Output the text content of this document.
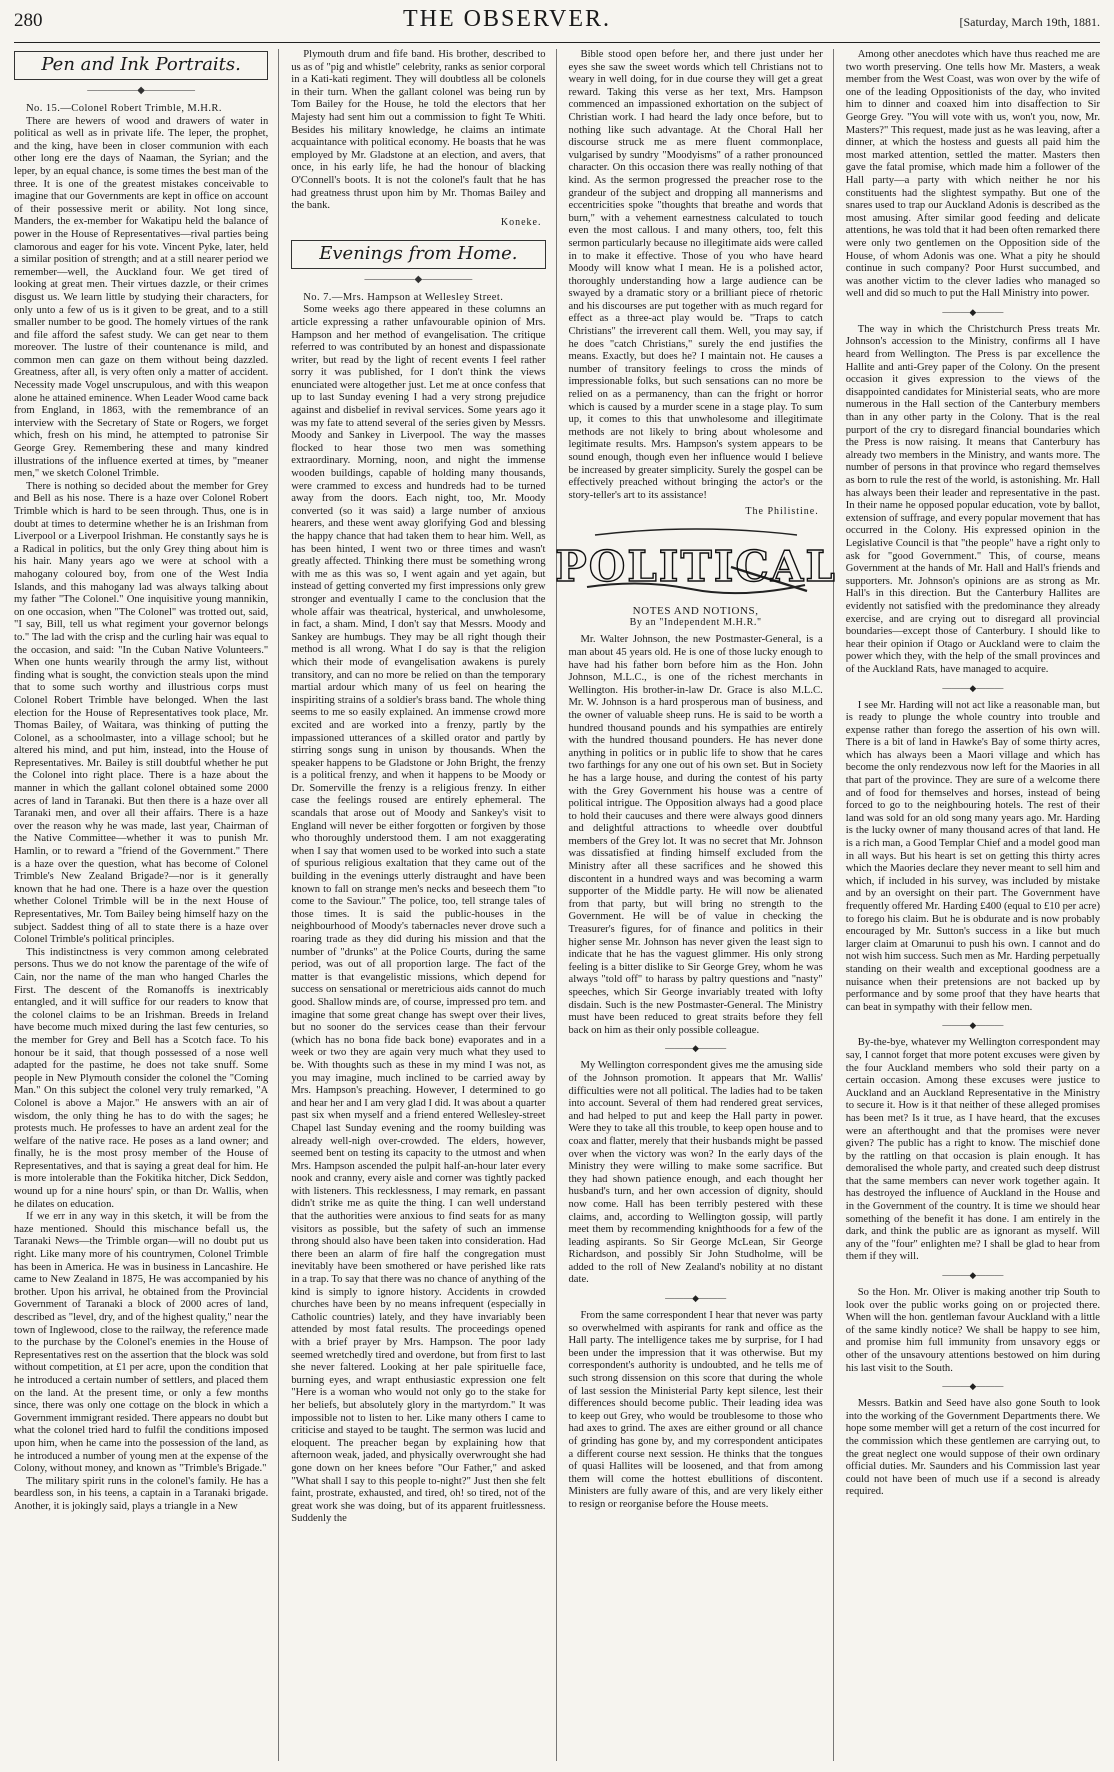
280	THE OBSERVER.	[Saturday, March 19th, 1881.
Pen and Ink Portraits.
—————◆—————

No. 15.—Colonel Robert Trimble, M.H.R.

There are hewers of wood and drawers of water in political as well as in private life. The leper, the prophet, and the king, have been in closer communion with each other long ere the days of Naaman, the Syrian; and the leper, by an equal chance, is some times the best man of the three. It is one of the greatest mistakes conceivable to imagine that our Governments are kept in office on account of their possessive merit or ability. Not long since, Manders, the ex-member for Wakatipu held the balance of power in the House of Representatives—rival parties being clamorous and eager for his vote. Vincent Pyke, later, held a similar position of strength; and at a still nearer period we remember—well, the Auckland four. We get tired of looking at great men. Their virtues dazzle, or their crimes disgust us. We learn little by studying their characters, for only unto a few of us is it given to be great, and to a still smaller number to be good. The homely virtues of the rank and file afford the safest study. We can get near to them moreover. The lustre of their countenance is mild, and common men can gaze on them without being dazzled. Greatness, after all, is very often only a matter of accident. Necessity made Vogel unscrupulous, and with this weapon alone he attained eminence. When Leader Wood came back from England, in 1863, with the remembrance of an interview with the Secretary of State or Rogers, we forget which, fresh on his mind, he attempted to patronise Sir George Grey. Remembering these and many kindred illustrations of the influence exerted at times, by "meaner men," we sketch Colonel Trimble.

There is nothing so decided about the member for Grey and Bell as his nose. There is a haze over Colonel Robert Trimble which is hard to be seen through. Thus, one is in doubt at times to determine whether he is an Irishman from Liverpool or a Liverpool Irishman. He constantly says he is a Radical in politics, but the only Grey thing about him is his hair. Many years ago we were at school with a mahogany coloured boy, from one of the West India Islands, and this mahogany lad was always talking about my father "The Colonel." One inquisitive young mannikin, on one occasion, when "The Colonel" was trotted out, said, "I say, Bill, tell us what regiment your governor belongs to." The lad with the crisp and the curling hair was equal to the occasion, and said: "In the Cuban Native Volunteers." When one hunts wearily through the army list, without finding what is sought, the conviction steals upon the mind that to some such worthy and illustrious corps must Colonel Robert Trimble have belonged. When the last election for the House of Representatives took place, Mr. Thomas Bailey, of Waitara, was thinking of putting the Colonel, as a schoolmaster, into a village school; but he altered his mind, and put him, instead, into the House of Representatives. Mr. Bailey is still doubtful whether he put the Colonel into right place. There is a haze about the manner in which the gallant colonel obtained some 2000 acres of land in Taranaki. But then there is a haze over all Taranaki men, and over all their affairs. There is a haze over the reason why he was made, last year, Chairman of the Native Committee—whether it was to punish Mr. Hamlin, or to reward a "friend of the Government." There is a haze over the question, what has become of Colonel Trimble's New Zealand Brigade?—nor is it generally known that he had one. There is a haze over the question whether Colonel Trimble will be in the next House of Representatives, Mr. Tom Bailey being himself hazy on the subject. Saddest thing of all to state there is a haze over Colonel Trimble's political principles.

This indistinctness is very common among celebrated persons. Thus we do not know the parentage of the wife of Cain, nor the name of the man who hanged Charles the First. The descent of the Romanoffs is inextricably entangled, and it will suffice for our readers to know that the colonel claims to be an Irishman. Breeds in Ireland have become much mixed during the last few centuries, so the member for Grey and Bell has a Scotch face. To his honour be it said, that though possessed of a nose well adapted for the pastime, he does not take snuff. Some people in New Plymouth consider the colonel the "Coming Man." On this subject the colonel very truly remarked, "A Colonel is above a Major." He answers with an air of wisdom, the only thing he has to do with the sages; he protests much. He professes to have an ardent zeal for the welfare of the native race. He poses as a land owner; and finally, he is the most prosy member of the House of Representatives, and that is saying a great deal for him. He is more intolerable than the Fokitika hitcher, Dick Seddon, wound up for a nine hours' spin, or than Dr. Wallis, when he dilates on education.

If we err in any way in this sketch, it will be from the haze mentioned. Should this mischance befall us, the Taranaki News—the Trimble organ—will no doubt put us right. Like many more of his countrymen, Colonel Trimble has been in America. He was in business in Lancashire. He came to New Zealand in 1875, He was accompanied by his brother. Upon his arrival, he obtained from the Provincial Government of Taranaki a block of 2000 acres of land, described as "level, dry, and of the highest quality," near the town of Inglewood, close to the railway, the reference made to the purchase by the Colonel's enemies in the House of Representatives rest on the assertion that the block was sold without competition, at £1 per acre, upon the condition that he introduced a certain number of settlers, and placed them on the land. At the present time, or only a few months since, there was only one cottage on the block in which a Government immigrant resided. There appears no doubt but what the colonel tried hard to fulfil the conditions imposed upon him, when he came into the possession of the land, as he introduced a number of young men at the expense of the Colony, without money, and known as "Trimble's Brigade."

The military spirit runs in the colonel's family. He has a beardless son, in his teens, a captain in a Taranaki brigade. Another, it is jokingly said, plays a triangle in a New

Plymouth drum and fife band. His brother, described to us as of "pig and whistle" celebrity, ranks as senior corporal in a Kati-kati regiment. They will doubtless all be colonels in their turn. When the gallant colonel was being run by Tom Bailey for the House, he told the electors that her Majesty had sent him out a commission to fight Te Whiti. Besides his military knowledge, he claims an intimate acquaintance with political economy. He boasts that he was employed by Mr. Gladstone at an election, and avers, that once, in his early life, he had the honour of blacking O'Connell's boots. It is not the colonel's fault that he has had greatness thrust upon him by Mr. Thomas Bailey and the bank.

Koneke.
Evenings from Home.
—————◆—————

No. 7.—Mrs. Hampson at Wellesley Street.

Some weeks ago there appeared in these columns an article expressing a rather unfavourable opinion of Mrs. Hampson and her method of evangelisation. The critique referred to was contributed by an honest and dispassionate writer, but read by the light of recent events I feel rather sorry it was published, for I don't think the views enunciated were altogether just. Let me at once confess that up to last Sunday evening I had a very strong prejudice against and disbelief in revival services. Some years ago it was my fate to attend several of the series given by Messrs. Moody and Sankey in Liverpool. The way the masses flocked to hear those two men was something extraordinary. Morning, noon, and night the immense wooden buildings, capable of holding many thousands, were crammed to excess and hundreds had to be turned away from the doors. Each night, too, Mr. Moody converted (so it was said) a large number of anxious hearers, and these went away glorifying God and blessing the happy chance that had taken them to hear him. Well, as has been hinted, I went two or three times and wasn't greatly affected. Thinking there must be something wrong with me as this was so, I went again and yet again, but instead of getting converted my first impressions only grew stronger and eventually I came to the conclusion that the whole affair was theatrical, hysterical, and unwholesome, in fact, a sham. Mind, I don't say that Messrs. Moody and Sankey are humbugs. They may be all right though their method is all wrong. What I do say is that the religion which their mode of evangelisation awakens is purely transitory, and can no more be relied on than the temporary martial ardour which many of us feel on hearing the inspiriting strains of a soldier's brass band. The whole thing seems to me so easily explained. An immense crowd more excited and are worked into a frenzy, partly by the impassioned utterances of a skilled orator and partly by stirring songs sung in unison by thousands. When the speaker happens to be Gladstone or John Bright, the frenzy is a political frenzy, and when it happens to be Moody or Dr. Somerville the frenzy is a religious frenzy. In either case the feelings roused are entirely ephemeral. The scandals that arose out of Moody and Sankey's visit to England will never be either forgotten or forgiven by those who thoroughly understood them. I am not exaggerating when I say that women used to be worked into such a state of spurious religious exaltation that they came out of the building in the evenings utterly distraught and have been known to fall on strange men's necks and beseech them "to come to the Saviour." The police, too, tell strange tales of those times. It is said the public-houses in the neighbourhood of Moody's tabernacles never drove such a roaring trade as they did during his mission and that the number of "drunks" at the Police Courts, during the same period, was out of all proportion large. The fact of the matter is that evangelistic missions, which depend for success on sensational or meretricious aids cannot do much good. Shallow minds are, of course, impressed pro tem. and imagine that some great change has swept over their lives, but no sooner do the services cease than their fervour (which has no bona fide back bone) evaporates and in a week or two they are again very much what they used to be. With thoughts such as these in my mind I was not, as you may imagine, much inclined to be carried away by Mrs. Hampson's preaching. However, I determined to go and hear her and I am very glad I did. It was about a quarter past six when myself and a friend entered Wellesley-street Chapel last Sunday evening and the roomy building was already well-nigh over-crowded. The elders, however, seemed bent on testing its capacity to the utmost and when Mrs. Hampson ascended the pulpit half-an-hour later every nook and cranny, every aisle and corner was tightly packed with listeners. This recklessness, I may remark, en passant didn't strike me as quite the thing. I can well understand that the authorities were anxious to find seats for as many visitors as possible, but the safety of such an immense throng should also have been taken into consideration. Had there been an alarm of fire half the congregation must inevitably have been smothered or have perished like rats in a trap. To say that there was no chance of anything of the kind is simply to ignore history. Accidents in crowded churches have been by no means infrequent (especially in Catholic countries) lately, and they have invariably been attended by most fatal results. The proceedings opened with a brief prayer by Mrs. Hampson. The poor lady seemed wretchedly tired and overdone, but from first to last she never faltered. Looking at her pale spirituelle face, burning eyes, and wrapt enthusiastic expression one felt "Here is a woman who would not only go to the stake for her beliefs, but absolutely glory in the martyrdom." It was impossible not to listen to her. Like many others I came to criticise and stayed to be taught. The sermon was lucid and eloquent. The preacher began by explaining how that afternoon weak, jaded, and physically overwrought she had gone down on her knees before "Our Father," and asked "What shall I say to this people to-night?" Just then she felt faint, prostrate, exhausted, and tired, oh! so tired, not of the great work she was doing, but of its apparent fruitlessness. Suddenly the

Bible stood open before her, and there just under her eyes she saw the sweet words which tell Christians not to weary in well doing, for in due course they will get a great reward. Taking this verse as her text, Mrs. Hampson commenced an impassioned exhortation on the subject of Christian work. I had heard the lady once before, but to nothing like such advantage. At the Choral Hall her discourse struck me as mere fluent commonplace, vulgarised by sundry "Moodyisms" of a rather pronounced character. On this occasion there was really nothing of that kind. As the sermon progressed the preacher rose to the grandeur of the subject and dropping all mannerisms and eccentricities spoke "thoughts that breathe and words that burn," with a vehement earnestness calculated to touch even the most callous. I and many others, too, felt this sermon particularly because no illegitimate aids were called in to make it effective. Those of you who have heard Moody will know what I mean. He is a polished actor, thoroughly understanding how a large audience can be swayed by a dramatic story or a brilliant piece of rhetoric and his discourses are put together with as much regard for effect as a three-act play would be. "Traps to catch Christians" the irreverent call them. Well, you may say, if he does "catch Christians," surely the end justifies the means. Exactly, but does he? I maintain not. He causes a number of transitory feelings to cross the minds of impressionable folks, but such sensations can no more be relied on as a permanency, than can the fright or horror which is caused by a murder scene in a stage play. To sum up, it comes to this that unwholesome and illegitimate methods are not likely to bring about wholesome and legitimate results. Mrs. Hampson's system appears to be sound enough, though even her influence would I believe be increased by greater simplicity. Surely the gospel can be effectively preached without bringing the actor's or the story-teller's art to its assistance!

The Philistine.
POLITICAL
NOTES AND NOTIONS,
By an "Independent M.H.R."

Mr. Walter Johnson, the new Postmaster-General, is a man about 45 years old. He is one of those lucky enough to have had his father born before him as the Hon. John Johnson, M.L.C., is one of the richest merchants in Wellington. His brother-in-law Dr. Grace is also M.L.C. Mr. W. Johnson is a hard prosperous man of business, and the owner of valuable sheep runs. He is said to be worth a hundred thousand pounds and his sympathies are entirely with the hundred thousand pounders. He has never done anything in politics or in public life to show that he cares two farthings for any one out of his own set. But in Society he has a large house, and during the contest of his party with the Grey Government his house was a centre of political intrigue. The Opposition always had a good place to hold their caucuses and there were always good dinners and delightful attractions to wheedle over doubtful members of the Grey lot. It was no secret that Mr. Johnson was dissatisfied at finding himself excluded from the Ministry after all these sacrifices and he showed this discontent in a hundred ways and was becoming a warm supporter of the Middle party. He will now be alienated from that party, but will bring no strength to the Government. He will be of value in checking the Treasurer's figures, for of finance and politics in their higher sense Mr. Johnson has never given the least sign to indicate that he has the vaguest glimmer. His only strong feeling is a bitter dislike to Sir George Grey, whom he was always "told off" to harass by paltry questions and "nasty" speeches, which Sir George invariably treated with lofty disdain. Such is the new Postmaster-General. The Ministry must have been reduced to great straits before they fell back on him as their only possible colleague.

———◆———

My Wellington correspondent gives me the amusing side of the Johnson promotion. It appears that Mr. Wallis' difficulties were not all political. The ladies had to be taken into account. Several of them had rendered great services, and had helped to put and keep the Hall party in power. Were they to take all this trouble, to keep open house and to coax and flatter, merely that their husbands might be passed over when the victory was won? In the early days of the Ministry they were willing to make some sacrifice. But they had shown patience enough, and each thought her husband's turn, and her own accession of dignity, should now come. Hall has been terribly pestered with these claims, and, according to Wellington gossip, will partly meet them by recommending knighthoods for a few of the leading aspirants. So Sir George McLean, Sir George Richardson, and possibly Sir John Studholme, will be added to the roll of New Zealand's nobility at no distant date.

———◆———

From the same correspondent I hear that never was party so overwhelmed with aspirants for rank and office as the Hall party. The intelligence takes me by surprise, for I had been under the impression that it was otherwise. But my correspondent's authority is undoubted, and he tells me of such strong dissension on this score that during the whole of last session the Ministerial Party kept silence, lest their differences should become public. Their leading idea was to keep out Grey, who would be troublesome to those who had axes to grind. The axes are either ground or all chance of grinding has gone by, and my correspondent anticipates a different course next session. He thinks that the tongues of quasi Hallites will be loosened, and that from among them will come the hottest ebullitions of discontent. Ministers are fully aware of this, and are very likely either to resign or reorganise before the House meets.

Among other anecdotes which have thus reached me are two worth preserving. One tells how Mr. Masters, a weak member from the West Coast, was won over by the wife of one of the leading Oppositionists of the day, who invited him to dinner and coaxed him into disaffection to Sir George Grey. "You will vote with us, won't you, now, Mr. Masters?" This request, made just as he was leaving, after a dinner, at which the hostess and guests all paid him the most marked attention, settled the matter. Masters then gave the fatal promise, which made him a follower of the Hall party—a party with which neither he nor his constituents had the slightest sympathy. But one of the snares used to trap our Auckland Adonis is described as the most amusing. After similar good feeding and delicate attentions, he was told that it had been often remarked there were only two gentlemen on the Opposition side of the House, of whom Adonis was one. What a pity he should continue in such company? Poor Hurst succumbed, and was another victim to the clever ladies who managed so well and did so much to put the Hall Ministry into power.

———◆———

The way in which the Christchurch Press treats Mr. Johnson's accession to the Ministry, confirms all I have heard from Wellington. The Press is par excellence the Hallite and anti-Grey paper of the Colony. On the present occasion it gives expression to the views of the disappointed candidates for Ministerial seats, who are more numerous in the Hall section of the Canterbury members than in any other party in the Colony. That is the real purport of the cry to disregard financial boundaries which the Press is now raising. It means that Canterbury has already two members in the Ministry, and wants more. The number of persons in that province who regard themselves as born to rule the rest of the world, is astonishing. Mr. Hall has always been their leader and representative in the past. In their name he opposed popular education, vote by ballot, extension of suffrage, and every popular movement that has occurred in the Colony. His expressed opinion in the Legislative Council is that "the people" have a right only to ask for "good Government." This, of course, means Government at the hands of Mr. Hall and Hall's friends and supporters. Mr. Johnson's opinions are as strong as Mr. Hall's in this direction. But the Canterbury Hallites are evidently not satisfied with the predominance they already exercise, and are crying out to disregard all provincial boundaries—except those of Canterbury. I should like to hear their opinion if Otago or Auckland were to claim the power which they, with the help of the small provinces and of the Auckland Rats, have managed to acquire.

———◆———

I see Mr. Harding will not act like a reasonable man, but is ready to plunge the whole country into trouble and expense rather than forego the assertion of his own will. There is a bit of land in Hawke's Bay of some thirty acres, which has always been a Maori village and which has become the only rendezvous now left for the Maories in all that part of the province. They are sure of a welcome there and of food for themselves and horses, instead of being forced to go to the neighbouring hotels. The rest of their land was sold for an old song many years ago. Mr. Harding is the lucky owner of many thousand acres of that land. He is a rich man, a Good Templar Chief and a model good man in all ways. But his heart is set on getting this thirty acres which the Maories declare they never meant to sell him and which, if included in his survey, was included by mistake and by an oversight on their part. The Government have frequently offered Mr. Harding £400 (equal to £10 per acre) to forego his claim. But he is obdurate and is now probably encouraged by Mr. Sutton's success in a like but much larger claim at Omarunui to push his own. I cannot and do not wish him success. Such men as Mr. Harding perpetually standing on their wealth and exceptional goodness are a nuisance when their pretensions are not backed up by performance and by some proof that they have hearts that can beat in sympathy with their fellow men.

———◆———

By-the-bye, whatever my Wellington correspondent may say, I cannot forget that more potent excuses were given by the four Auckland members who sold their party on a certain occasion. Among these excuses were justice to Auckland and an Auckland Representative in the Ministry to secure it. How is it that neither of these alleged promises has been met? Is it true, as I have heard, that the excuses were an afterthought and that the promises were never given? The public has a right to know. The mischief done by the rattling on that occasion is plain enough. It has demoralised the whole party, and created such deep distrust that the same members can never work together again. It has destroyed the influence of Auckland in the House and in the Government of the country. It is time we should hear something of the benefit it has done. I am entirely in the dark, and think the public are as ignorant as myself. Will any of the "four" enlighten me? I shall be glad to hear from them if they will.

———◆———

So the Hon. Mr. Oliver is making another trip South to look over the public works going on or projected there. When will the hon. gentleman favour Auckland with a little of the same kindly notice? We shall be happy to see him, and promise him full immunity from unsavory eggs or other of the unsavoury attentions bestowed on him during his last visit to the South.

———◆———

Messrs. Batkin and Seed have also gone South to look into the working of the Government Departments there. We hope some member will get a return of the cost incurred for the commission which these gentlemen are carrying out, to the great neglect one would suppose of their own ordinary official duties. Mr. Saunders and his Commission last year could not have been of much use if a second is already required.
